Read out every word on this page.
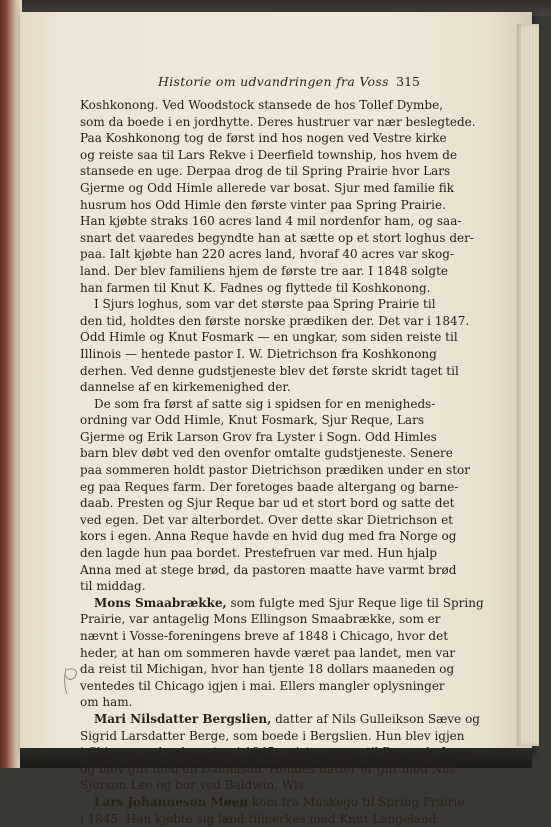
Historie om udvandringen fra Voss 315
Koshkonong. Ved Woodstock stansede de hos Tollef Dymbe,
som da boede i en jordhytte. Deres hustruer var nær beslegtede.
Paa Koshkonong tog de først ind hos nogen ved Vestre kirke
og reiste saa til Lars Rekve i Deerfield township, hos hvem de
stansede en uge. Derpaa drog de til Spring Prairie hvor Lars
Gjerme og Odd Himle allerede var bosat. Sjur med familie fik
husrum hos Odd Himle den første vinter paa Spring Prairie.
Han kjøbte straks 160 acres land 4 mil nordenfor ham, og saa-
snart det vaaredes begyndte han at sætte op et stort loghus der-
paa. Ialt kjøbte han 220 acres land, hvoraf 40 acres var skog-
land. Der blev familiens hjem de første tre aar. I 1848 solgte
han farmen til Knut K. Fadnes og flyttede til Koshkonong.
I Sjurs loghus, som var det største paa Spring Prairie til
den tid, holdtes den første norske prædiken der. Det var i 1847.
Odd Himle og Knut Fosmark — en ungkar, som siden reiste til
Illinois — hentede pastor I. W. Dietrichson fra Koshkonong
derhen. Ved denne gudstjeneste blev det første skridt taget til
dannelse af en kirkemenighed der.
De som fra først af satte sig i spidsen for en menigheds-
ordning var Odd Himle, Knut Fosmark, Sjur Reque, Lars
Gjerme og Erik Larson Grov fra Lyster i Sogn. Odd Himles
barn blev døbt ved den ovenfor omtalte gudstjeneste. Senere
paa sommeren holdt pastor Dietrichson prædiken under en stor
eg paa Reques farm. Der foretoges baade altergang og barne-
daab. Presten og Sjur Reque bar ud et stort bord og satte det
ved egen. Det var alterbordet. Over dette skar Dietrichson et
kors i egen. Anna Reque havde en hvid dug med fra Norge og
den lagde hun paa bordet. Prestefruen var med. Hun hjalp
Anna med at stege brød, da pastoren maatte have varmt brød
til middag.
Mons Smaabrække, som fulgte med Sjur Reque lige til Spring
Prairie, var antagelig Mons Ellingson Smaabrække, som er
nævnt i Vosse-foreningens breve af 1848 i Chicago, hvor det
heder, at han om sommeren havde været paa landet, men var
da reist til Michigan, hvor han tjente 18 dollars maaneden og
ventedes til Chicago igjen i mai. Ellers mangler oplysninger
om ham.
Mari Nilsdatter Bergslien, datter af Nils Gulleikson Sæve og
Sigrid Larsdatter Berge, som boede i Bergslien. Hun blev igjen
i Chicago ved ankomsten i 1845; reiste senere til Decorah, Iowa,
og blev gift med en Danielson. Hendes datter er gift med Nils
Sjurson Lee og bor ved Baldwin, Wis.
Lars Johanneson Møen kom fra Muskego til Spring Prairie
i 1845. Han kjøbte sig land tilmerkes med Knut Langeland
